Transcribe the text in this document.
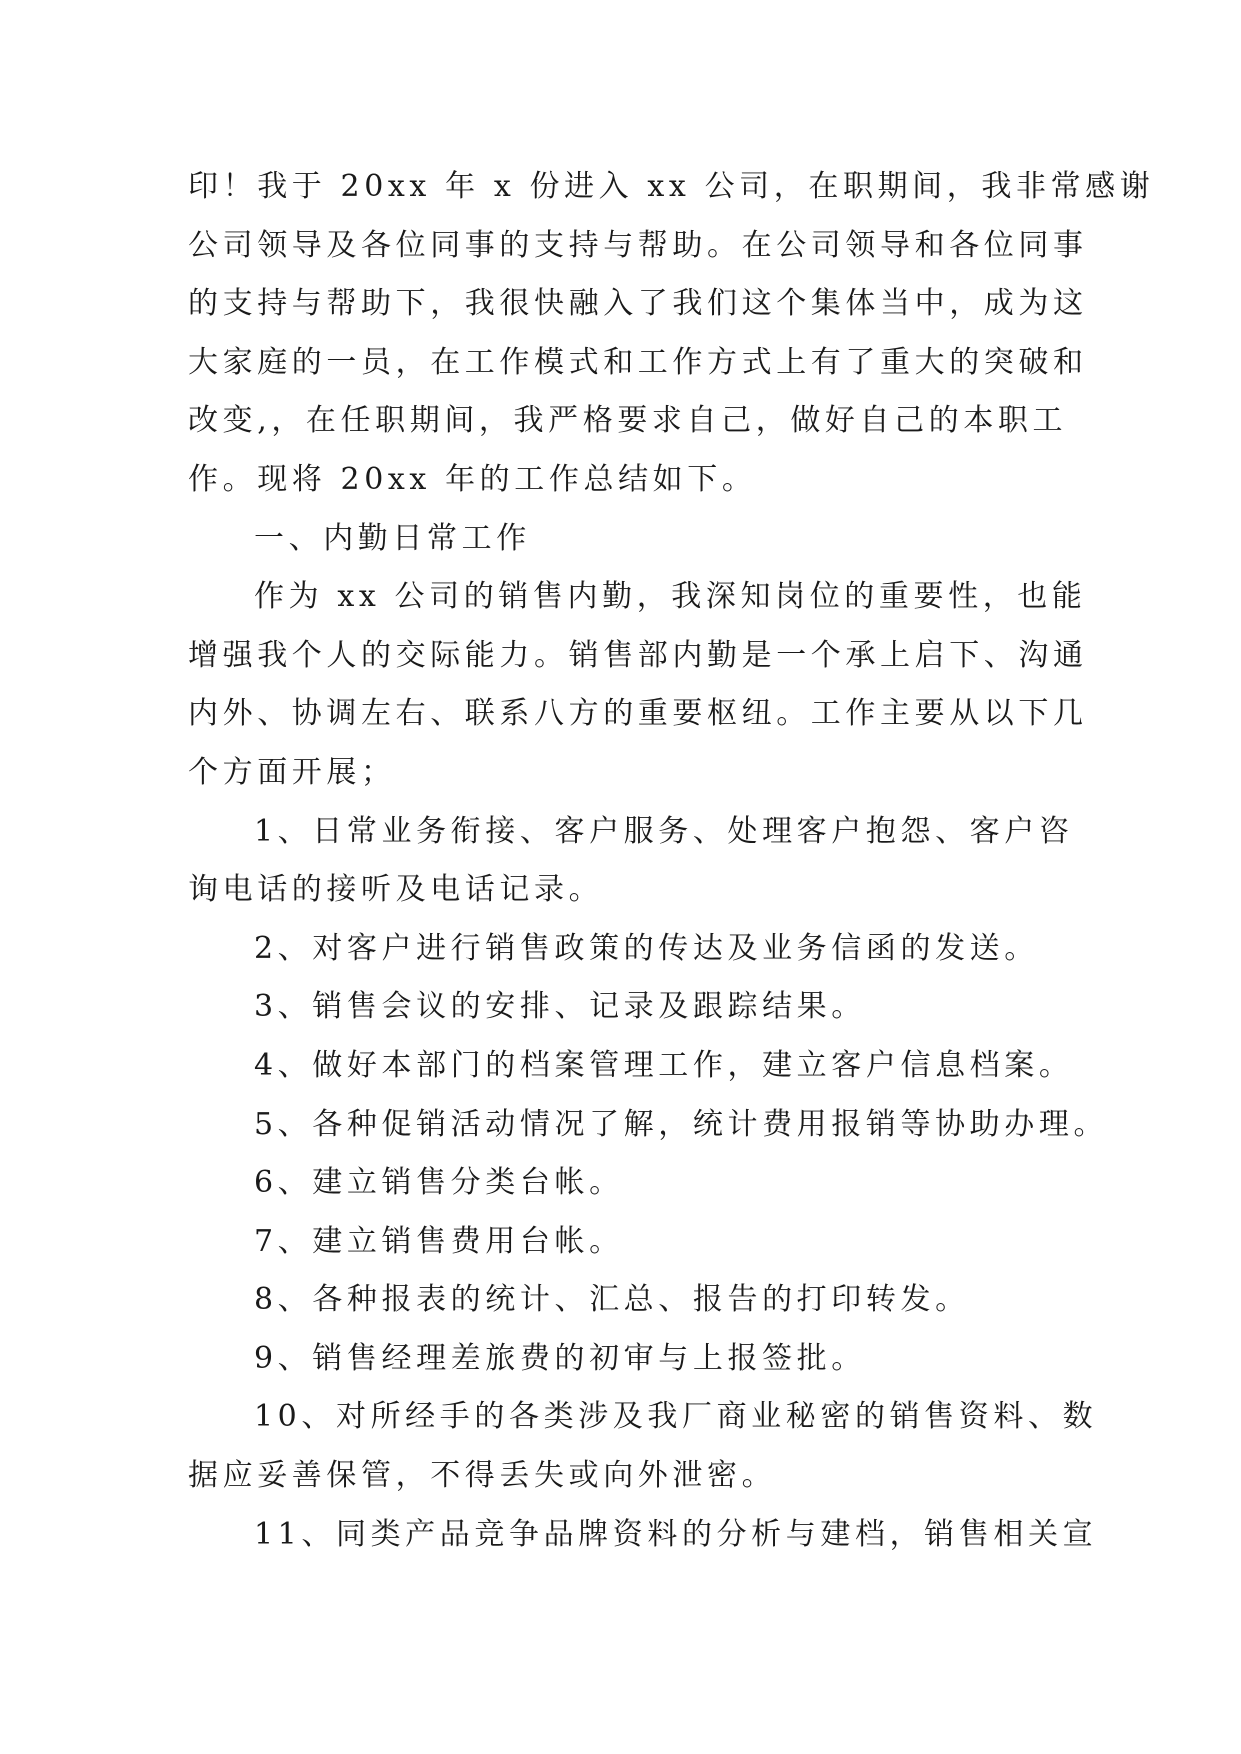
印！我于 20xx 年 x 份进入 xx 公司，在职期间，我非常感谢
公司领导及各位同事的支持与帮助。在公司领导和各位同事
的支持与帮助下，我很快融入了我们这个集体当中，成为这
大家庭的一员，在工作模式和工作方式上有了重大的突破和
改变,，在任职期间，我严格要求自己，做好自己的本职工
作。现将 20xx 年的工作总结如下。
一、内勤日常工作
作为 xx 公司的销售内勤，我深知岗位的重要性，也能
增强我个人的交际能力。销售部内勤是一个承上启下、沟通
内外、协调左右、联系八方的重要枢纽。工作主要从以下几
个方面开展；
1、日常业务衔接、客户服务、处理客户抱怨、客户咨
询电话的接听及电话记录。
2、对客户进行销售政策的传达及业务信函的发送。
3、销售会议的安排、记录及跟踪结果。
4、做好本部门的档案管理工作，建立客户信息档案。
5、各种促销活动情况了解，统计费用报销等协助办理。
6、建立销售分类台帐。
7、建立销售费用台帐。
8、各种报表的统计、汇总、报告的打印转发。
9、销售经理差旅费的初审与上报签批。
10、对所经手的各类涉及我厂商业秘密的销售资料、数
据应妥善保管，不得丢失或向外泄密。
11、同类产品竞争品牌资料的分析与建档，销售相关宣
